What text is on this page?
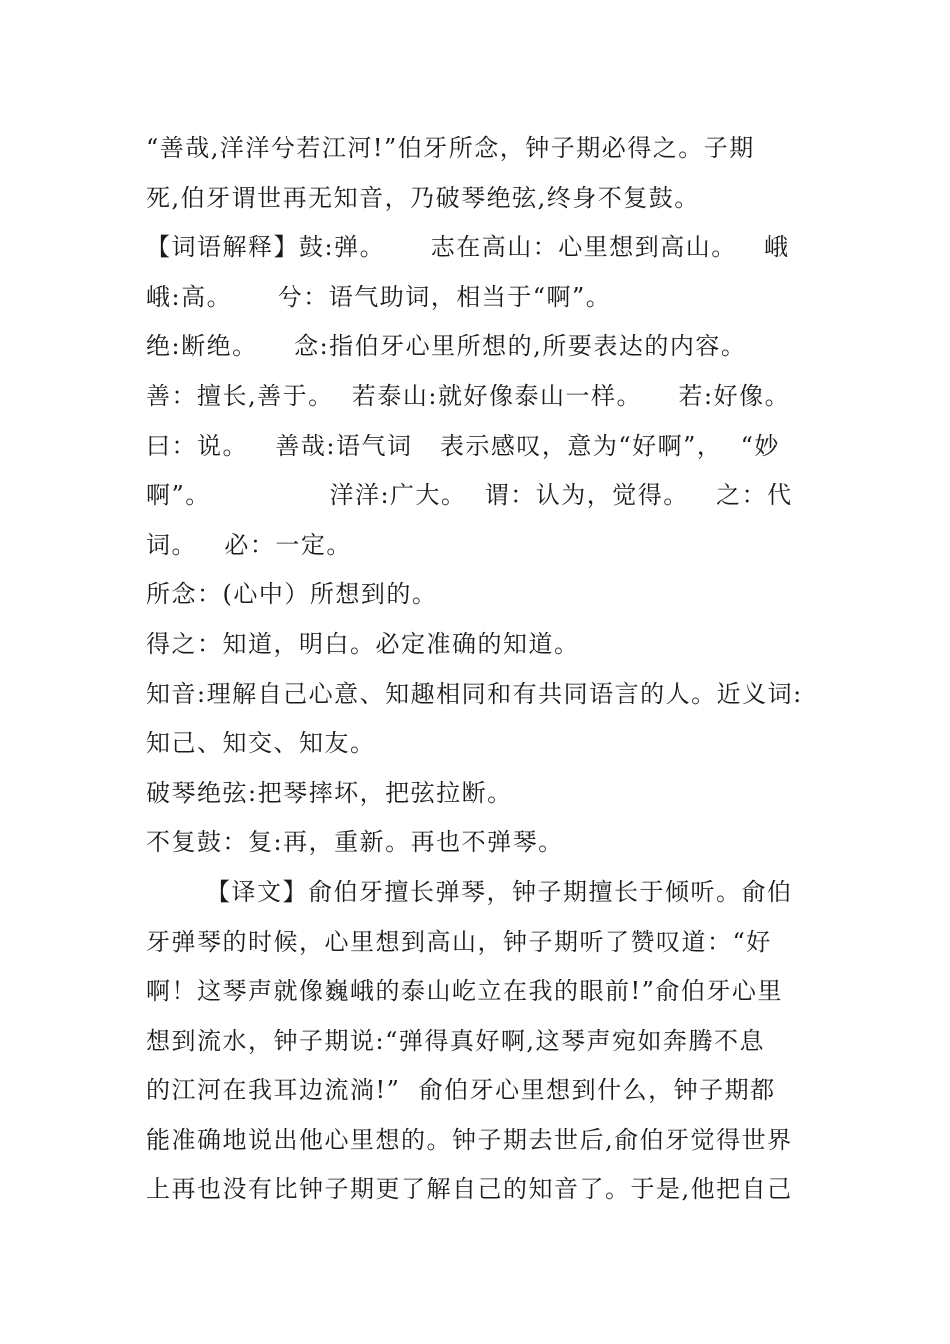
“善哉,洋洋兮若江河!”伯牙所念，钟子期必得之。子期
死,伯牙谓世再无知音，乃破琴绝弦,终身不复鼓。
【词语解释】鼓:弹。     志在高山：心里想到高山。   峨
峨:高。     兮：语气助词，相当于“啊”。
绝:断绝。    念:指伯牙心里所想的,所要表达的内容。
善：擅长,善于。  若泰山:就好像泰山一样。    若:好像。
曰：说。   善哉:语气词   表示感叹，意为“好啊”，  “妙
啊”。             洋洋:广大。  谓：认为，觉得。   之：代
词。   必：一定。
所念：(心中）所想到的。
得之：知道，明白。必定准确的知道。
知音:理解自己心意、知趣相同和有共同语言的人。近义词:
知己、知交、知友。
破琴绝弦:把琴摔坏，把弦拉断。
不复鼓：复:再，重新。再也不弹琴。
【译文】俞伯牙擅长弹琴，钟子期擅长于倾听。俞伯
牙弹琴的时候，心里想到高山，钟子期听了赞叹道：“好
啊！这琴声就像巍峨的泰山屹立在我的眼前!”俞伯牙心里
想到流水，钟子期说:“弹得真好啊,这琴声宛如奔腾不息
的江河在我耳边流淌!”  俞伯牙心里想到什么，钟子期都
能准确地说出他心里想的。钟子期去世后,俞伯牙觉得世界
上再也没有比钟子期更了解自己的知音了。于是,他把自己
